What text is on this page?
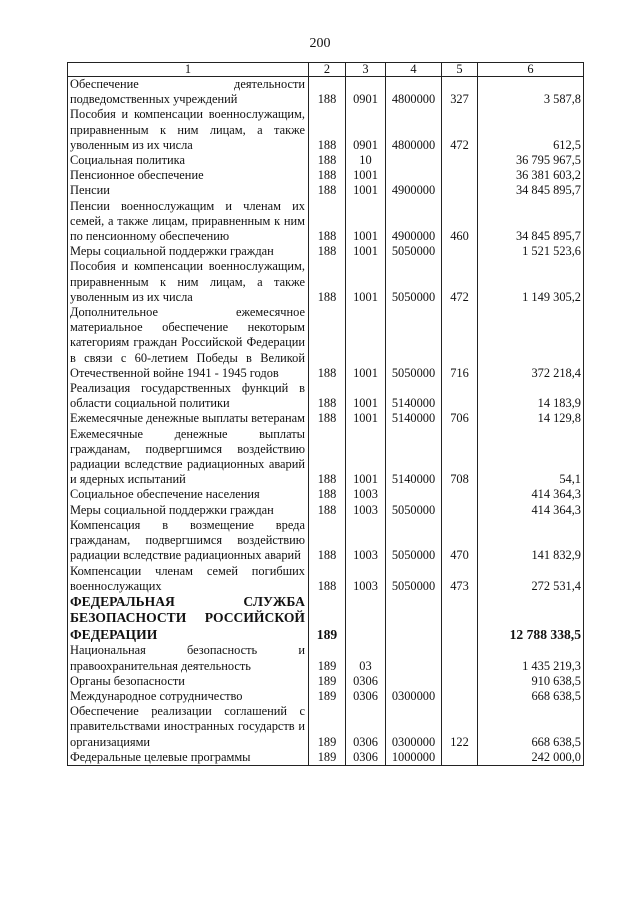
200
1	2	3	4	5	6
Обеспечение деятельности подведомственных учреждений	188	0901	4800000	327	3 587,8
Пособия и компенсации военнослужащим, приравненным к ним лицам, а также уволенным из их числа	188	0901	4800000	472	612,5
Социальная политика	188	10			36 795 967,5
Пенсионное обеспечение	188	1001			36 381 603,2
Пенсии	188	1001	4900000		34 845 895,7
Пенсии военнослужащим и членам их семей, а также лицам, приравненным к ним по пенсионному обеспечению	188	1001	4900000	460	34 845 895,7
Меры социальной поддержки граждан	188	1001	5050000		1 521 523,6
Пособия и компенсации военнослужащим, приравненным к ним лицам, а также уволенным из их числа	188	1001	5050000	472	1 149 305,2
Дополнительное ежемесячное материальное обеспечение некоторым категориям граждан Российской Федерации в связи с 60-летием Победы в Великой Отечественной войне 1941 - 1945 годов	188	1001	5050000	716	372 218,4
Реализация государственных функций в области социальной политики	188	1001	5140000		14 183,9
Ежемесячные денежные выплаты ветеранам	188	1001	5140000	706	14 129,8
Ежемесячные денежные выплаты гражданам, подвергшимся воздействию радиации вследствие радиационных аварий и ядерных испытаний	188	1001	5140000	708	54,1
Социальное обеспечение населения	188	1003			414 364,3
Меры социальной поддержки граждан	188	1003	5050000		414 364,3
Компенсация в возмещение вреда гражданам, подвергшимся воздействию радиации вследствие радиационных аварий	188	1003	5050000	470	141 832,9
Компенсации членам семей погибших военнослужащих	188	1003	5050000	473	272 531,4
ФЕДЕРАЛЬНАЯ СЛУЖБА БЕЗОПАСНОСТИ РОССИЙСКОЙ ФЕДЕРАЦИИ	189				12 788 338,5
Национальная безопасность и правоохранительная деятельность	189	03			1 435 219,3
Органы безопасности	189	0306			910 638,5
Международное сотрудничество	189	0306	0300000		668 638,5
Обеспечение реализации соглашений с правительствами иностранных государств и организациями	189	0306	0300000	122	668 638,5
Федеральные целевые программы	189	0306	1000000		242 000,0
